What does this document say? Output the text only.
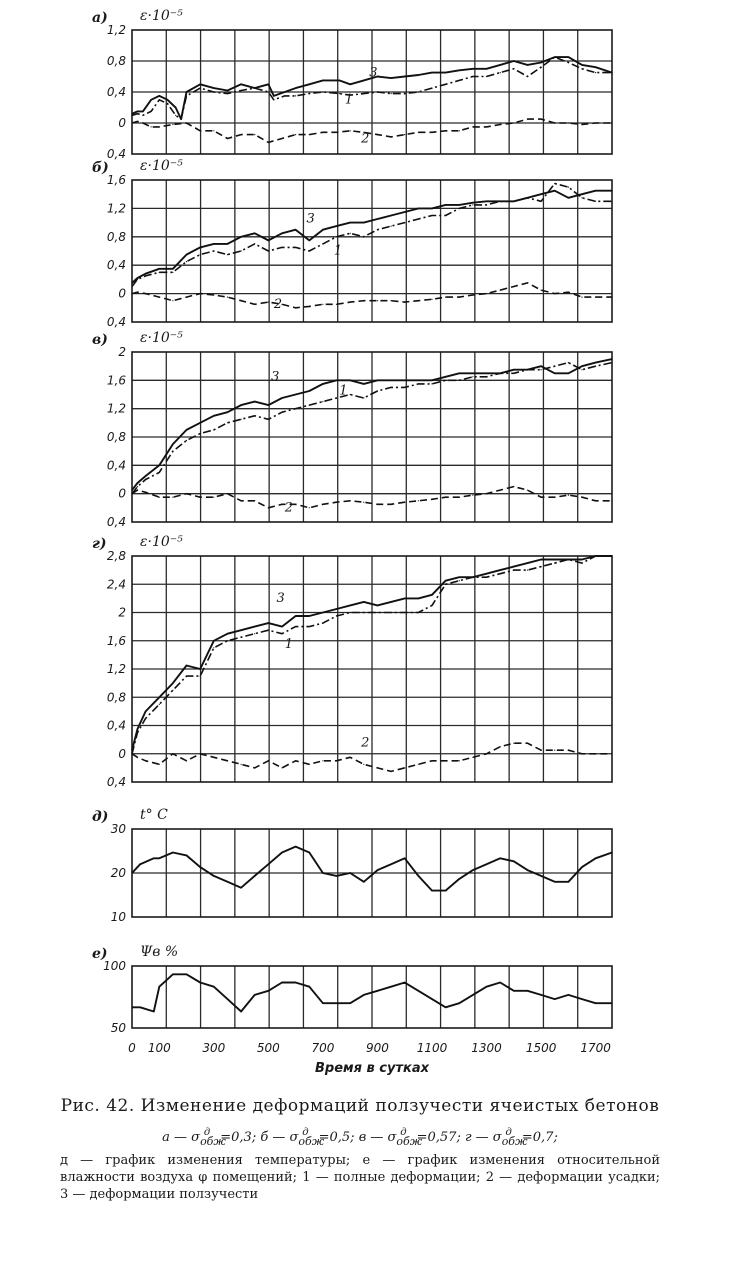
1,2
0,8
0,4
0
0,4
а) ε·10⁻⁵
3
1
2
1,6
1,2
0,8
0,4
0
0,4
б) ε·10⁻⁵
3
1
2
2
1,6
1,2
0,8
0,4
0
0,4
в) ε·10⁻⁵
3
1
2
2,8
2,4
2
1,6
1,2
0,8
0,4
0
0,4
г) ε·10⁻⁵
3
1
2
30
20
10
д) t° C
100
50
е) Ψв %
0 100	300	500	700	900 1100 1300 1500 1700
Время в сутках
Рис. 42. Изменение деформаций ползучести ячеистых бетонов
а — $\sigma_{обж}^д =0,3$; б — $\sigma_{обж}^д =0,5$; в — $\sigma_{обж}^д =0,57$; г — $\sigma_{обж}^д =0,7$;
д — график изменения температуры; е — график изменения относительной влажности воздуха φ помещений; 1 — полные деформации; 2 — деформации усадки; 3 — деформации ползучести
